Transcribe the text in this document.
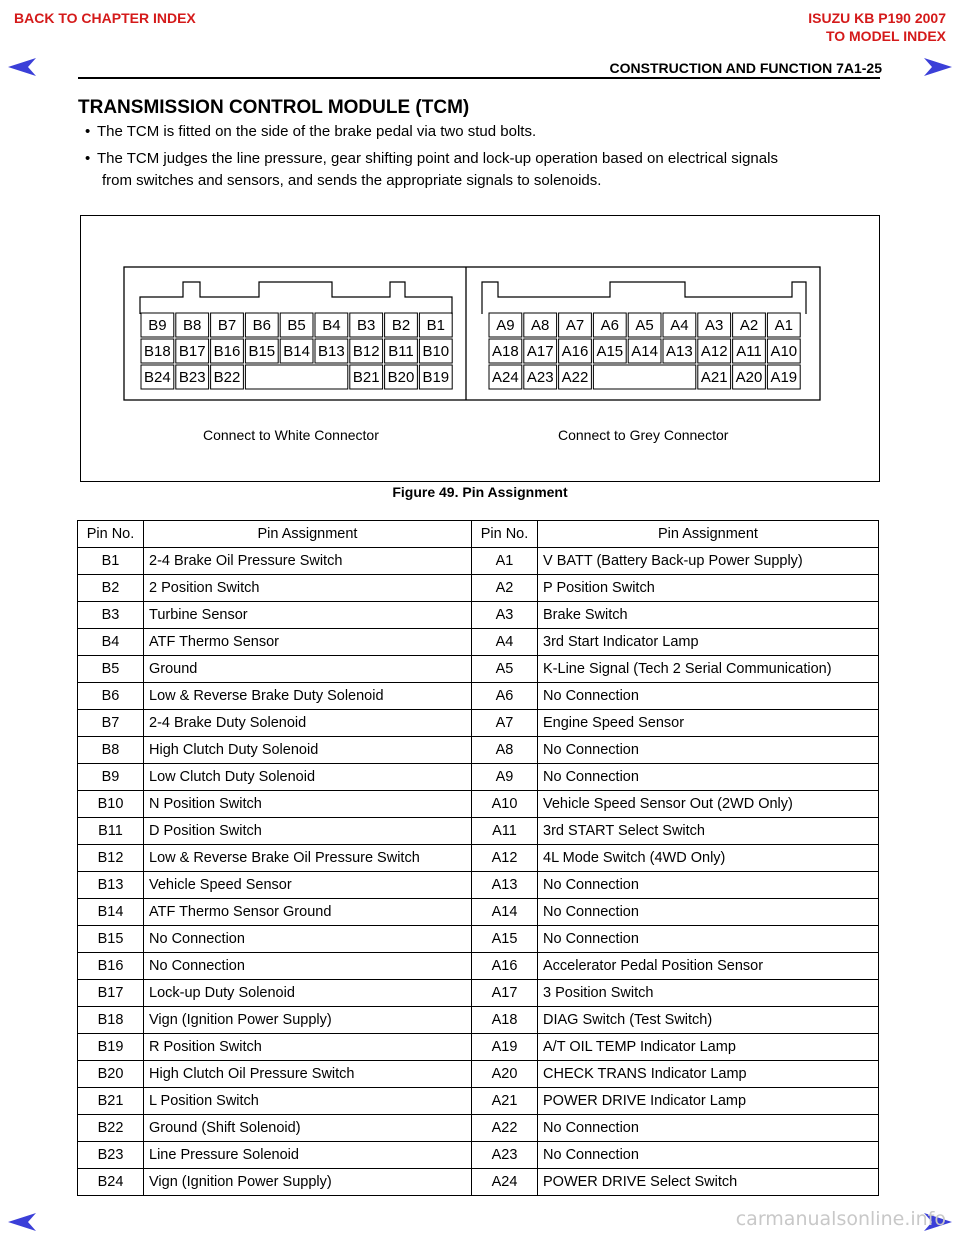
BACK TO CHAPTER INDEX	ISUZU KB P190 2007
TO MODEL INDEX
CONSTRUCTION AND FUNCTION 7A1-25
TRANSMISSION CONTROL MODULE (TCM)
• The TCM is fitted on the side of the brake pedal via two stud bolts.
• The TCM judges the line pressure, gear shifting point and lock-up operation based on electrical signals
from switches and sensors, and sends the appropriate signals to solenoids.
B9 B8 B7 B6 B5 B4 B3 B2 B1
B18 B17 B16 B15 B14 B13 B12 B11 B10
B24 B23 B22	B21 B20 B19
A9 A8 A7 A6 A5 A4 A3 A2 A1
A18 A17 A16 A15 A14 A13 A12 A11 A10
A24 A23 A22	A21 A20 A19
Connect to White Connector	Connect to Grey Connector
Figure 49. Pin Assignment
Pin No.	Pin Assignment	Pin No.	Pin Assignment
B1	2-4 Brake Oil Pressure Switch	A1	V BATT (Battery Back-up Power Supply)
B2	2 Position Switch	A2	P Position Switch
B3	Turbine Sensor	A3	Brake Switch
B4	ATF Thermo Sensor	A4	3rd Start Indicator Lamp
B5	Ground	A5	K-Line Signal (Tech 2 Serial Communication)
B6	Low & Reverse Brake Duty Solenoid	A6	No Connection
B7	2-4 Brake Duty Solenoid	A7	Engine Speed Sensor
B8	High Clutch Duty Solenoid	A8	No Connection
B9	Low Clutch Duty Solenoid	A9	No Connection
B10	N Position Switch	A10	Vehicle Speed Sensor Out (2WD Only)
B11	D Position Switch	A11	3rd START Select Switch
B12	Low & Reverse Brake Oil Pressure Switch	A12	4L Mode Switch (4WD Only)
B13	Vehicle Speed Sensor	A13	No Connection
B14	ATF Thermo Sensor Ground	A14	No Connection
B15	No Connection	A15	No Connection
B16	No Connection	A16	Accelerator Pedal Position Sensor
B17	Lock-up Duty Solenoid	A17	3 Position Switch
B18	Vign (Ignition Power Supply)	A18	DIAG Switch (Test Switch)
B19	R Position Switch	A19	A/T OIL TEMP Indicator Lamp
B20	High Clutch Oil Pressure Switch	A20	CHECK TRANS Indicator Lamp
B21	L Position Switch	A21	POWER DRIVE Indicator Lamp
B22	Ground (Shift Solenoid)	A22	No Connection
B23	Line Pressure Solenoid	A23	No Connection
B24	Vign (Ignition Power Supply)	A24	POWER DRIVE Select Switch
carmanualsonline.info
